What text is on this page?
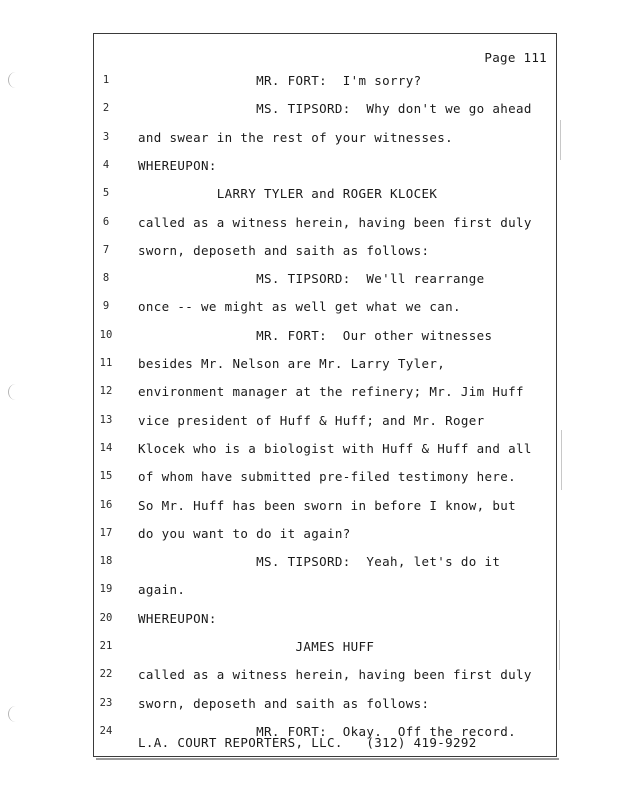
Page 111
1	MR. FORT:  I'm sorry?
2	MS. TIPSORD:  Why don't we go ahead
3	and swear in the rest of your witnesses.
4	WHEREUPON:
5	LARRY TYLER and ROGER KLOCEK
6	called as a witness herein, having been first duly
7	sworn, deposeth and saith as follows:
8	MS. TIPSORD:  We'll rearrange
9	once -- we might as well get what we can.
10 MR. FORT:  Our other witnesses
11 besides Mr. Nelson are Mr. Larry Tyler,
12 environment manager at the refinery; Mr. Jim Huff
13 vice president of Huff & Huff; and Mr. Roger
14 Klocek who is a biologist with Huff & Huff and all
15 of whom have submitted pre-filed testimony here.
16 So Mr. Huff has been sworn in before I know, but
17 do you want to do it again?
18 MS. TIPSORD:  Yeah, let's do it
19 again.
20 WHEREUPON:
21 JAMES HUFF
22 called as a witness herein, having been first duly
23 sworn, deposeth and saith as follows:
24 MR. FORT:  Okay.  Off the record.
L.A. COURT REPORTERS, LLC.   (312) 419-9292
